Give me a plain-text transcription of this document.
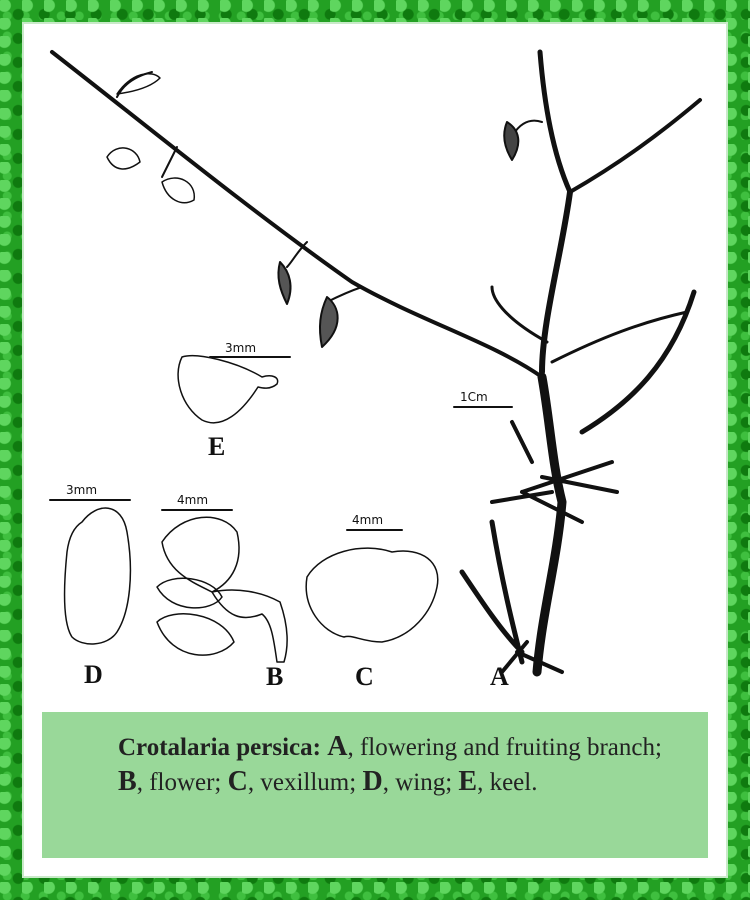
3mm
3mm
4mm
4mm
1Cm
E
D	B	C	A
Crotalaria persica: A, flowering and fruiting branch; B, flower; C, vexillum; D, wing; E, keel.
